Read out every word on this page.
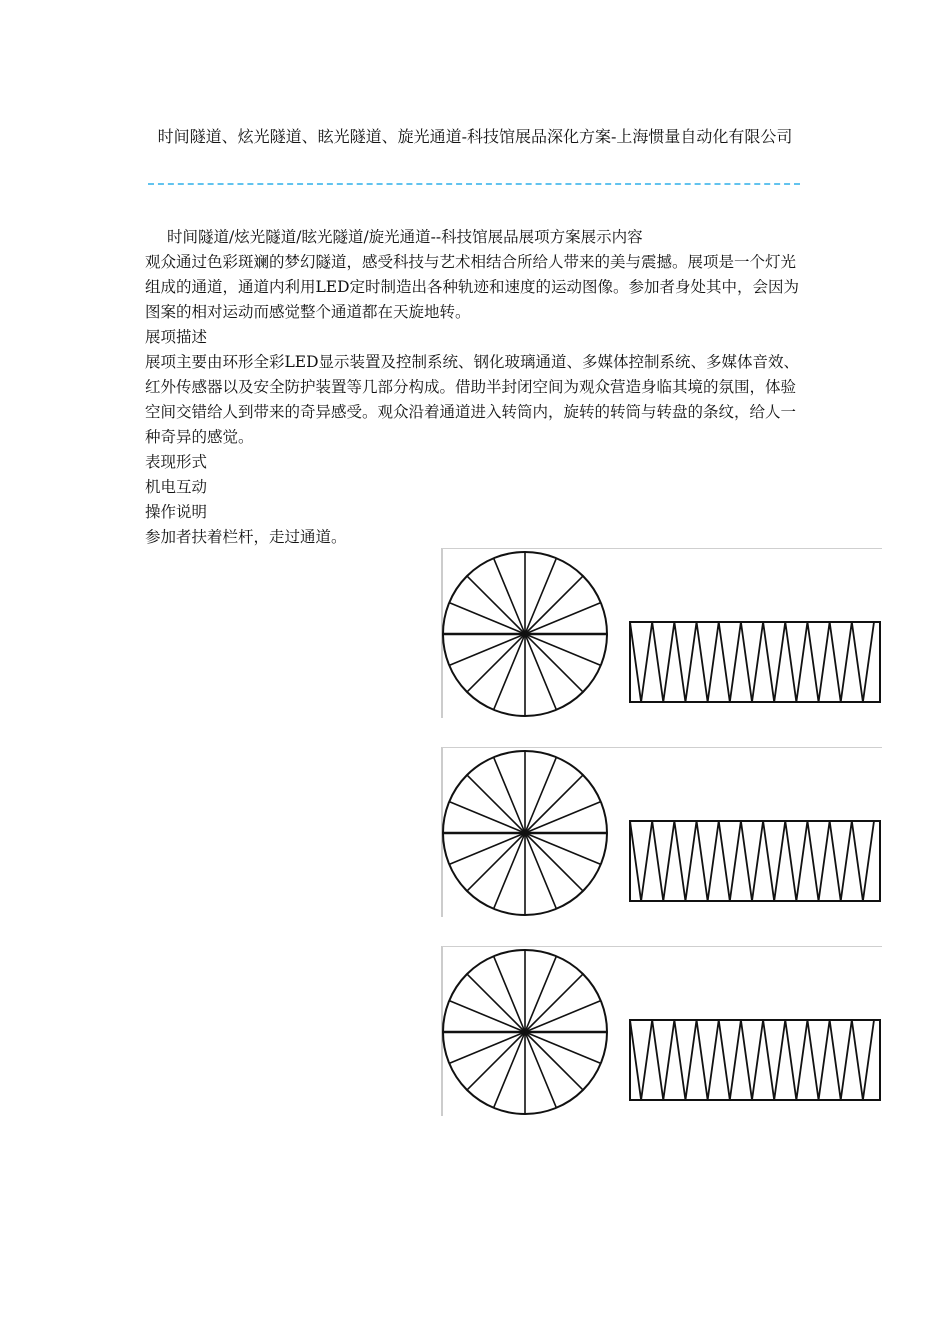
时间隧道、炫光隧道、眩光隧道、旋光通道-科技馆展品深化方案-上海惯量自动化有限公司

时间隧道/炫光隧道/眩光隧道/旋光通道--科技馆展品展项方案展示内容

观众通过色彩斑斓的梦幻隧道，感受科技与艺术相结合所给人带来的美与震撼。展项是一个灯光组成的通道，通道内利用LED定时制造出各种轨迹和速度的运动图像。参加者身处其中，会因为图案的相对运动而感觉整个通道都在天旋地转。

展项描述

展项主要由环形全彩LED显示装置及控制系统、钢化玻璃通道、多媒体控制系统、多媒体音效、红外传感器以及安全防护装置等几部分构成。借助半封闭空间为观众营造身临其境的氛围，体验空间交错给人到带来的奇异感受。观众沿着通道进入转筒内，旋转的转筒与转盘的条纹，给人一种奇异的感觉。

表现形式

机电互动

操作说明

参加者扶着栏杆，走过通道。
